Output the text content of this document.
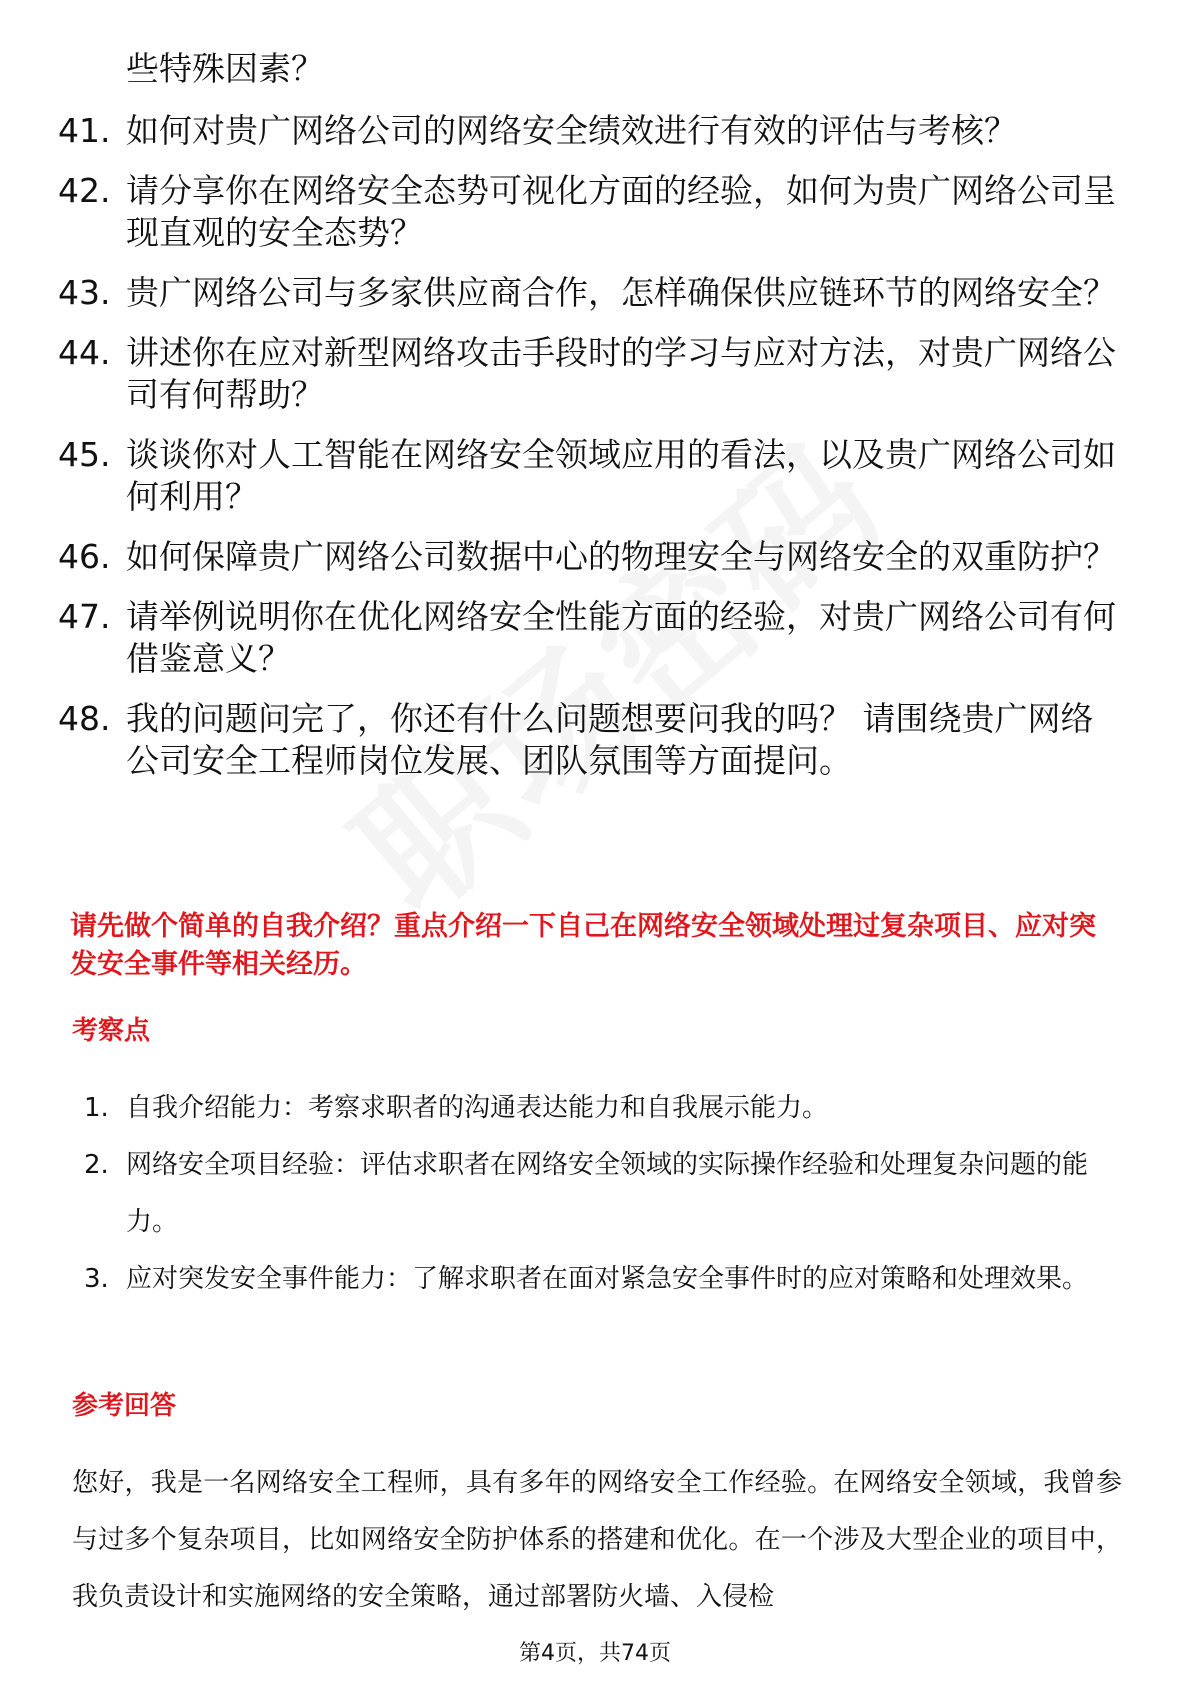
些特殊因素？
41. 如何对贵广网络公司的网络安全绩效进行有效的评估与考核？
42. 请分享你在网络安全态势可视化方面的经验，如何为贵广网络公司呈现直观的安全态势？
43. 贵广网络公司与多家供应商合作，怎样确保供应链环节的网络安全？
44. 讲述你在应对新型网络攻击手段时的学习与应对方法，对贵广网络公司有何帮助？
45. 谈谈你对人工智能在网络安全领域应用的看法，以及贵广网络公司如何利用？
46. 如何保障贵广网络公司数据中心的物理安全与网络安全的双重防护？
47. 请举例说明你在优化网络安全性能方面的经验，对贵广网络公司有何借鉴意义？
48. 我的问题问完了，你还有什么问题想要问我的吗？ 请围绕贵广网络公司安全工程师岗位发展、团队氛围等方面提问。
请先做个简单的自我介绍？重点介绍一下自己在网络安全领域处理过复杂项目、应对突发安全事件等相关经历。
考察点
1. 自我介绍能力：考察求职者的沟通表达能力和自我展示能力。
2. 网络安全项目经验：评估求职者在网络安全领域的实际操作经验和处理复杂问题的能力。
3. 应对突发安全事件能力：了解求职者在面对紧急安全事件时的应对策略和处理效果。
参考回答
您好，我是一名网络安全工程师，具有多年的网络安全工作经验。在网络安全领域，我曾参与过多个复杂项目，比如网络安全防护体系的搭建和优化。在一个涉及大型企业的项目中，我负责设计和实施网络的安全策略，通过部署防火墙、入侵检
第4页，共74页
